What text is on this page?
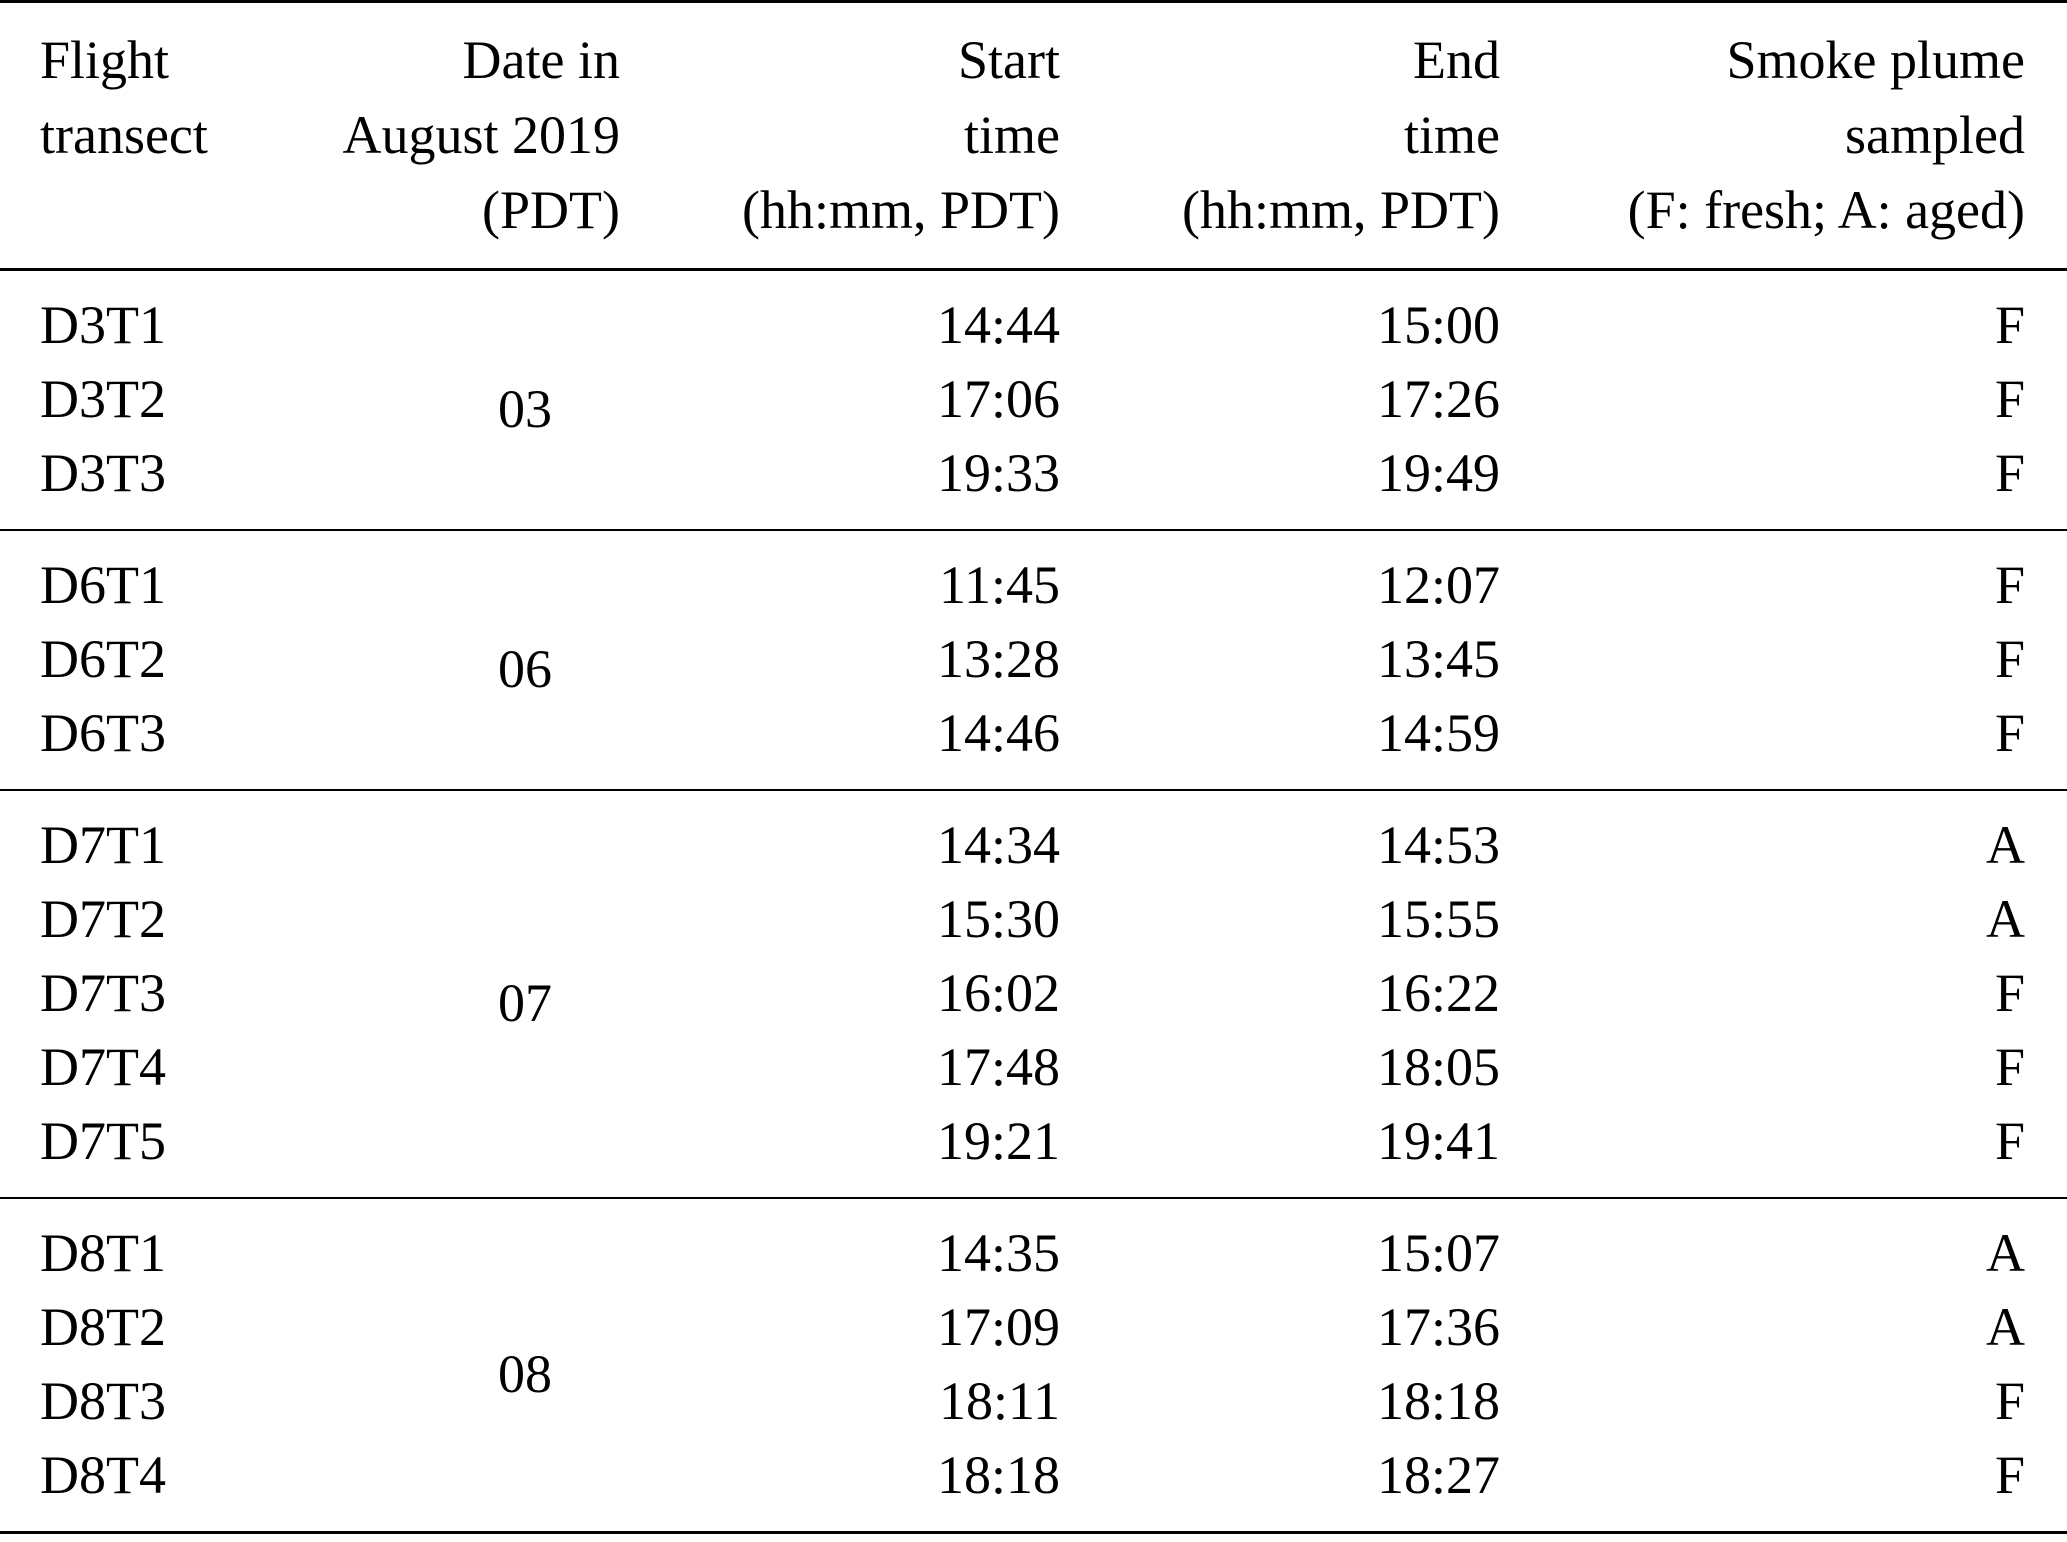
Flight
transect	Date in
August 2019
(PDT)	Start
time
(hh:mm, PDT)	End
time
(hh:mm, PDT)	Smoke plume
sampled
(F: fresh; A: aged)

D3T1	03	14:44	15:00	F
D3T2		17:06	17:26	F
D3T3		19:33	19:49	F
D6T1	06	11:45	12:07	F
D6T2		13:28	13:45	F
D6T3		14:46	14:59	F
D7T1	07	14:34	14:53	A
D7T2		15:30	15:55	A
D7T3		16:02	16:22	F
D7T4		17:48	18:05	F
D7T5		19:21	19:41	F
D8T1	08	14:35	15:07	A
D8T2		17:09	17:36	A
D8T3		18:11	18:18	F
D8T4		18:18	18:27	F
